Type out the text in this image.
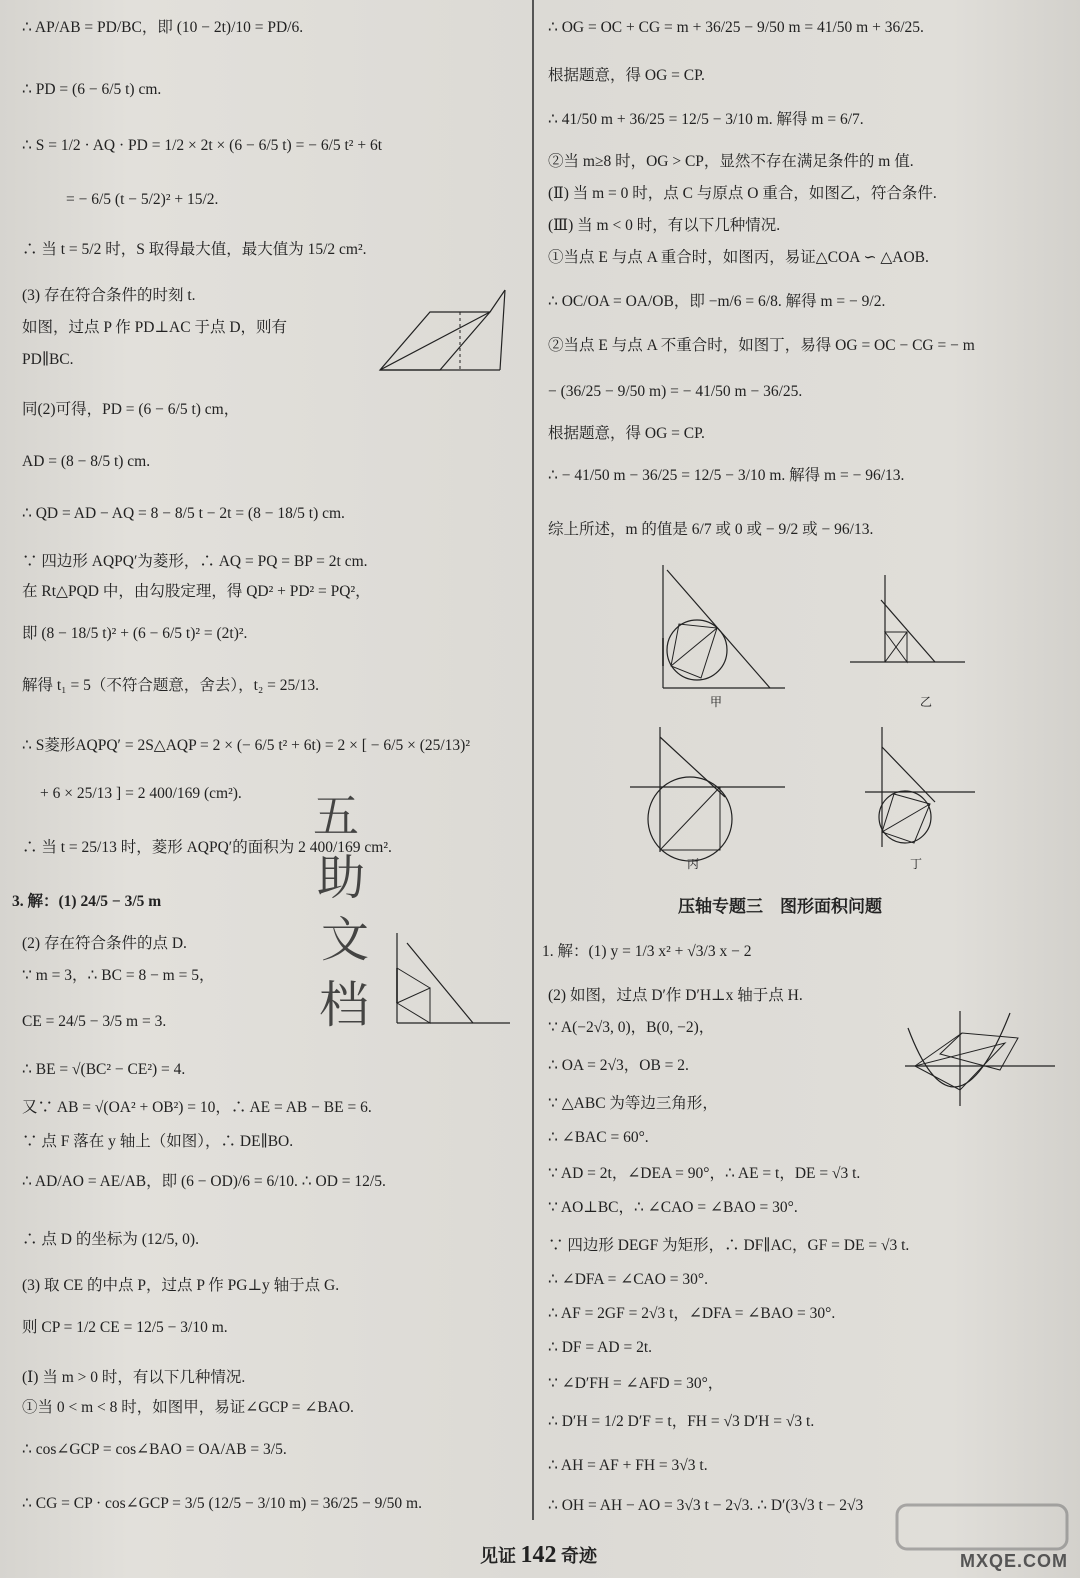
∴ AP/AB = PD/BC，即 (10 − 2t)/10 = PD/6.
∴ PD = (6 − 6/5 t) cm.
∴ S = 1/2 · AQ · PD = 1/2 × 2t × (6 − 6/5 t) = − 6/5 t² + 6t
= − 6/5 (t − 5/2)² + 15/2.
∴ 当 t = 5/2 时，S 取得最大值，最大值为 15/2 cm².
(3) 存在符合条件的时刻 t.
如图，过点 P 作 PD⊥AC 于点 D，则有
PD∥BC.
同(2)可得，PD = (6 − 6/5 t) cm，
AD = (8 − 8/5 t) cm.
∴ QD = AD − AQ = 8 − 8/5 t − 2t = (8 − 18/5 t) cm.
∵ 四边形 AQPQ′为菱形，∴ AQ = PQ = BP = 2t cm.
在 Rt△PQD 中，由勾股定理，得 QD² + PD² = PQ²，
即 (8 − 18/5 t)² + (6 − 6/5 t)² = (2t)².
解得 t₁ = 5（不符合题意，舍去），t₂ = 25/13.
∴ S菱形AQPQ′ = 2S△AQP = 2 × (− 6/5 t² + 6t) = 2 × [ − 6/5 × (25/13)²
+ 6 × 25/13 ] = 2 400/169 (cm²).
∴ 当 t = 25/13 时，菱形 AQPQ′的面积为 2 400/169 cm².
3. 解：(1) 24/5 − 3/5 m
(2) 存在符合条件的点 D.
∵ m = 3，∴ BC = 8 − m = 5，
CE = 24/5 − 3/5 m = 3.
∴ BE = √(BC² − CE²) = 4.
又∵ AB = √(OA² + OB²) = 10，∴ AE = AB − BE = 6.
∵ 点 F 落在 y 轴上（如图），∴ DE∥BO.
∴ AD/AO = AE/AB，即 (6 − OD)/6 = 6/10. ∴ OD = 12/5.
∴ 点 D 的坐标为 (12/5, 0).
(3) 取 CE 的中点 P，过点 P 作 PG⊥y 轴于点 G.
则 CP = 1/2 CE = 12/5 − 3/10 m.
(Ⅰ) 当 m > 0 时，有以下几种情况.
①当 0 < m < 8 时，如图甲，易证∠GCP = ∠BAO.
∴ cos∠GCP = cos∠BAO = OA/AB = 3/5.
∴ CG = CP · cos∠GCP = 3/5 (12/5 − 3/10 m) = 36/25 − 9/50 m.
∴ OG = OC + CG = m + 36/25 − 9/50 m = 41/50 m + 36/25.
根据题意，得 OG = CP.
∴ 41/50 m + 36/25 = 12/5 − 3/10 m. 解得 m = 6/7.
②当 m≥8 时，OG > CP，显然不存在满足条件的 m 值.
(Ⅱ) 当 m = 0 时，点 C 与原点 O 重合，如图乙，符合条件.
(Ⅲ) 当 m < 0 时，有以下几种情况.
①当点 E 与点 A 重合时，如图丙，易证△COA ∽ △AOB.
∴ OC/OA = OA/OB，即 −m/6 = 6/8. 解得 m = − 9/2.
②当点 E 与点 A 不重合时，如图丁，易得 OG = OC − CG = − m
− (36/25 − 9/50 m) = − 41/50 m − 36/25.
根据题意，得 OG = CP.
∴ − 41/50 m − 36/25 = 12/5 − 3/10 m. 解得 m = − 96/13.
综上所述，m 的值是 6/7 或 0 或 − 9/2 或 − 96/13.
压轴专题三　图形面积问题
1. 解：(1) y = 1/3 x² + √3/3 x − 2
(2) 如图，过点 D′作 D′H⊥x 轴于点 H.
∵ A(−2√3, 0)，B(0, −2)，
∴ OA = 2√3，OB = 2.
∵ △ABC 为等边三角形，
∴ ∠BAC = 60°.
∵ AD = 2t，∠DEA = 90°，∴ AE = t，DE = √3 t.
∵ AO⊥BC，∴ ∠CAO = ∠BAO = 30°.
∵ 四边形 DEGF 为矩形，∴ DF∥AC，GF = DE = √3 t.
∴ ∠DFA = ∠CAO = 30°.
∴ AF = 2GF = 2√3 t，∠DFA = ∠BAO = 30°.
∴ DF = AD = 2t.
∵ ∠D′FH = ∠AFD = 30°，
∴ D′H = 1/2 D′F = t，FH = √3 D′H = √3 t.
∴ AH = AF + FH = 3√3 t.
∴ OH = AH − AO = 3√3 t − 2√3. ∴ D′(3√3 t − 2√3
甲	乙
丙	丁
五
助
文
档
见证 142 奇迹	MXQE.COM
